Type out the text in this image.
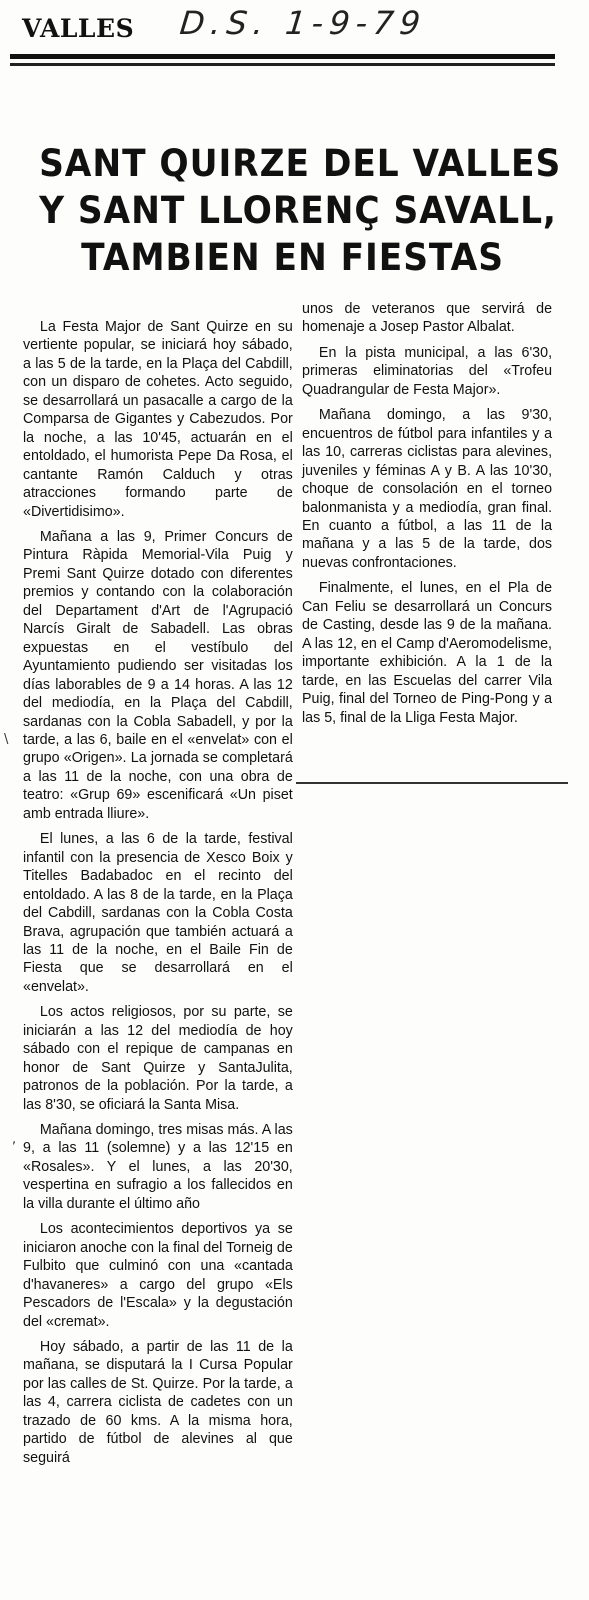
VALLES D.S. 1-9-79
SANT QUIRZE DEL VALLES
Y SANT LLORENÇ SAVALL,
TAMBIEN EN FIESTAS

La Festa Major de Sant Quirze en su vertiente popular, se iniciará hoy sábado, a las 5 de la tarde, en la Plaça del Cabdill, con un disparo de cohetes. Acto seguido, se desarrollará un pasacalle a cargo de la Comparsa de Gigantes y Cabezudos. Por la noche, a las 10'45, actuarán en el entoldado, el humorista Pepe Da Rosa, el cantante Ramón Calduch y otras atracciones formando parte de «Divertidisimo».

Mañana a las 9, Primer Concurs de Pintura Ràpida Memorial-Vila Puig y Premi Sant Quirze dotado con diferentes premios y contando con la colaboración del Departament d'Art de l'Agrupació Narcís Giralt de Sabadell. Las obras expuestas en el vestíbulo del Ayuntamiento pudiendo ser visitadas los días laborables de 9 a 14 horas. A las 12 del mediodía, en la Plaça del Cabdill, sardanas con la Cobla Sabadell, y por la tarde, a las 6, baile en el «envelat» con el grupo «Origen». La jornada se completará a las 11 de la noche, con una obra de teatro: «Grup 69» escenificará «Un piset amb entrada lliure».

El lunes, a las 6 de la tarde, festival infantil con la presencia de Xesco Boix y Titelles Badabadoc en el recinto del entoldado. A las 8 de la tarde, en la Plaça del Cabdill, sardanas con la Cobla Costa Brava, agrupación que también actuará a las 11 de la noche, en el Baile Fin de Fiesta que se desarrollará en el «envelat».

Los actos religiosos, por su parte, se iniciarán a las 12 del mediodía de hoy sábado con el repique de campanas en honor de Sant Quirze y SantaJulita, patronos de la población. Por la tarde, a las 8'30, se oficiará la Santa Misa.

Mañana domingo, tres misas más. A las 9, a las 11 (solemne) y a las 12'15 en «Rosales». Y el lunes, a las 20'30, vespertina en sufragio a los fallecidos en la villa durante el último año

Los acontecimientos deportivos ya se iniciaron anoche con la final del Torneig de Fulbito que culminó con una «cantada d'havaneres» a cargo del grupo «Els Pescadors de l'Escala» y la degustación del «cremat».

Hoy sábado, a partir de las 11 de la mañana, se disputará la I Cursa Popular por las calles de St. Quirze. Por la tarde, a las 4, carrera ciclista de cadetes con un trazado de 60 kms. A la misma hora, partido de fútbol de alevines al que seguirá

unos de veteranos que servirá de homenaje a Josep Pastor Albalat.

En la pista municipal, a las 6'30, primeras eliminatorias del «Trofeu Quadrangular de Festa Major».

Mañana domingo, a las 9'30, encuentros de fútbol para infantiles y a las 10, carreras ciclistas para alevines, juveniles y féminas A y B. A las 10'30, choque de consolación en el torneo balonmanista y a mediodía, gran final. En cuanto a fútbol, a las 11 de la mañana y a las 5 de la tarde, dos nuevas confrontaciones.

Finalmente, el lunes, en el Pla de Can Feliu se desarrollará un Concurs de Casting, desde las 9 de la mañana. A las 12, en el Camp d'Aeromodelisme, importante exhibición. A la 1 de la tarde, en las Escuelas del carrer Vila Puig, final del Torneo de Ping-Pong y a las 5, final de la Lliga Festa Major.

\
,
